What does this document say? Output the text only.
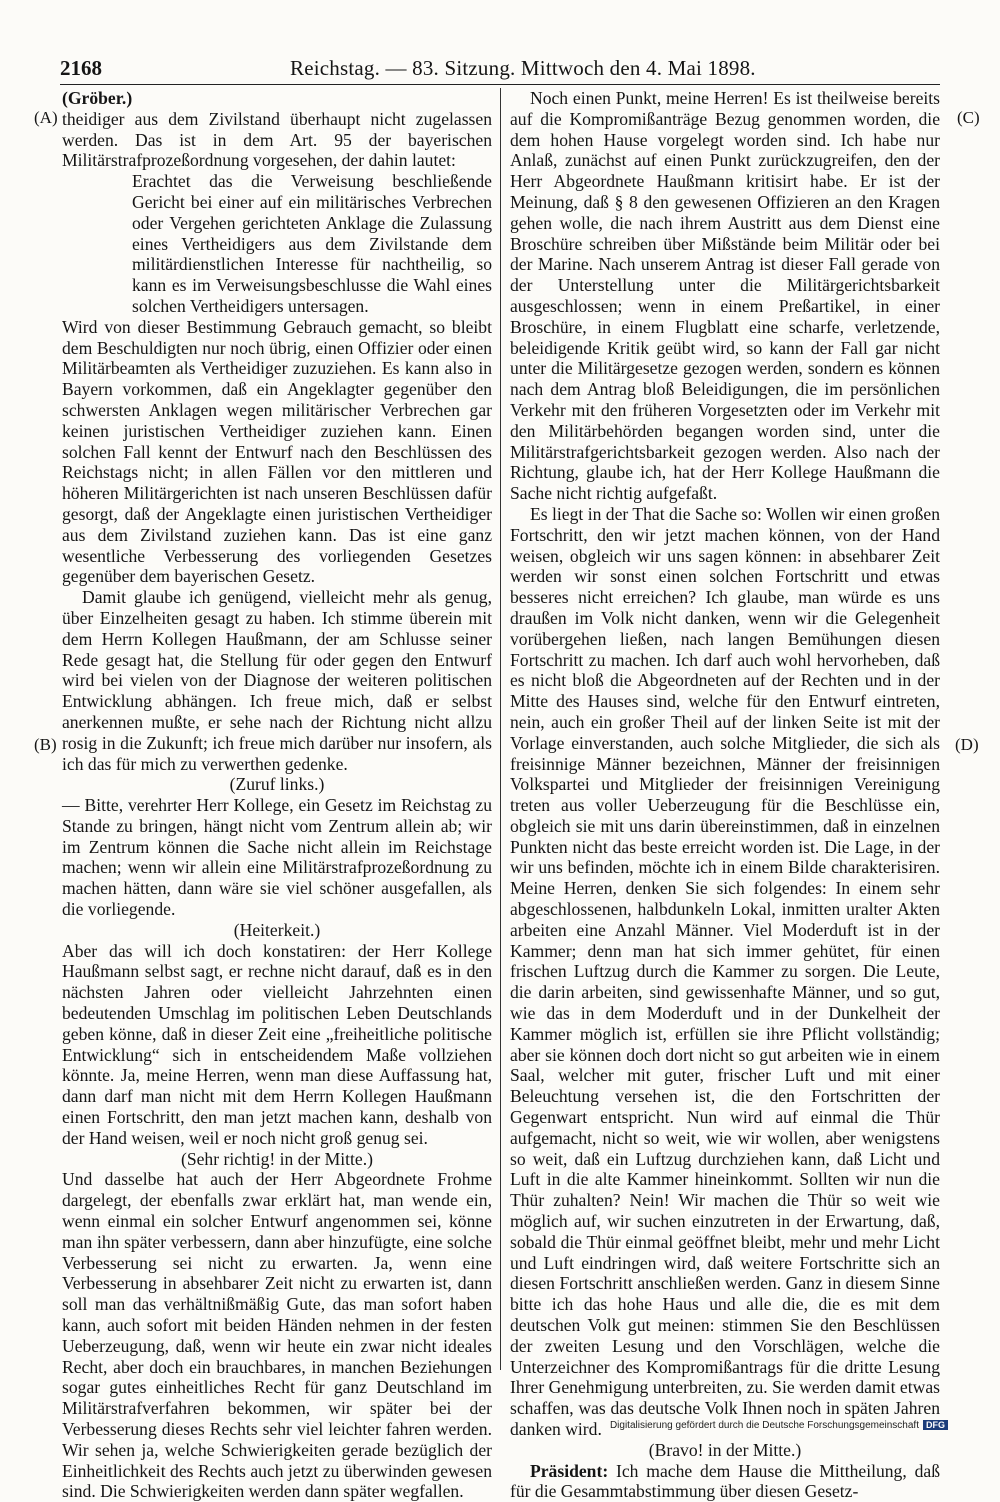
2168	Reichstag. — 83. Sitzung. Mittwoch den 4. Mai 1898.
(A)
(B)
(C)
(D)

(Gröber.)

theidiger aus dem Zivilstand überhaupt nicht zugelassen werden. Das ist in dem Art. 95 der bayerischen Militärstrafprozeßordnung vorgesehen, der dahin lautet:

Erachtet das die Verweisung beschließende Gericht bei einer auf ein militärisches Verbrechen oder Vergehen gerichteten Anklage die Zulassung eines Vertheidigers aus dem Zivilstande dem militärdienstlichen Interesse für nachtheilig, so kann es im Verweisungsbeschlusse die Wahl eines solchen Vertheidigers untersagen.

Wird von dieser Bestimmung Gebrauch gemacht, so bleibt dem Beschuldigten nur noch übrig, einen Offizier oder einen Militärbeamten als Vertheidiger zuzuziehen. Es kann also in Bayern vorkommen, daß ein Angeklagter gegenüber den schwersten Anklagen wegen militärischer Verbrechen gar keinen juristischen Vertheidiger zuziehen kann. Einen solchen Fall kennt der Entwurf nach den Beschlüssen des Reichstags nicht; in allen Fällen vor den mittleren und höheren Militärgerichten ist nach unseren Beschlüssen dafür gesorgt, daß der Angeklagte einen juristischen Vertheidiger aus dem Zivilstand zuziehen kann. Das ist eine ganz wesentliche Verbesserung des vorliegenden Gesetzes gegenüber dem bayerischen Gesetz.

Damit glaube ich genügend, vielleicht mehr als genug, über Einzelheiten gesagt zu haben. Ich stimme überein mit dem Herrn Kollegen Haußmann, der am Schlusse seiner Rede gesagt hat, die Stellung für oder gegen den Entwurf wird bei vielen von der Diagnose der weiteren politischen Entwicklung abhängen. Ich freue mich, daß er selbst anerkennen mußte, er sehe nach der Richtung nicht allzu rosig in die Zukunft; ich freue mich darüber nur insofern, als ich das für mich zu verwerthen gedenke.

(Zuruf links.)

— Bitte, verehrter Herr Kollege, ein Gesetz im Reichstag zu Stande zu bringen, hängt nicht vom Zentrum allein ab; wir im Zentrum können die Sache nicht allein im Reichstage machen; wenn wir allein eine Militärstrafprozeßordnung zu machen hätten, dann wäre sie viel schöner ausgefallen, als die vorliegende.

(Heiterkeit.)

Aber das will ich doch konstatiren: der Herr Kollege Haußmann selbst sagt, er rechne nicht darauf, daß es in den nächsten Jahren oder vielleicht Jahrzehnten einen bedeutenden Umschlag im politischen Leben Deutschlands geben könne, daß in dieser Zeit eine „freiheitliche politische Entwicklung“ sich in entscheidendem Maße vollziehen könnte. Ja, meine Herren, wenn man diese Auffassung hat, dann darf man nicht mit dem Herrn Kollegen Haußmann einen Fortschritt, den man jetzt machen kann, deshalb von der Hand weisen, weil er noch nicht groß genug sei.

(Sehr richtig! in der Mitte.)

Und dasselbe hat auch der Herr Abgeordnete Frohme dargelegt, der ebenfalls zwar erklärt hat, man wende ein, wenn einmal ein solcher Entwurf angenommen sei, könne man ihn später verbessern, dann aber hinzufügte, eine solche Verbesserung sei nicht zu erwarten. Ja, wenn eine Verbesserung in absehbarer Zeit nicht zu erwarten ist, dann soll man das verhältnißmäßig Gute, das man sofort haben kann, auch sofort mit beiden Händen nehmen in der festen Ueberzeugung, daß, wenn wir heute ein zwar nicht ideales Recht, aber doch ein brauchbares, in manchen Beziehungen sogar gutes einheitliches Recht für ganz Deutschland im Militärstrafverfahren bekommen, wir später bei der Verbesserung dieses Rechts sehr viel leichter fahren werden. Wir sehen ja, welche Schwierigkeiten gerade bezüglich der Einheitlichkeit des Rechts auch jetzt zu überwinden gewesen sind. Die Schwierigkeiten werden dann später wegfallen.

Noch einen Punkt, meine Herren! Es ist theilweise bereits auf die Kompromißanträge Bezug genommen worden, die dem hohen Hause vorgelegt worden sind. Ich habe nur Anlaß, zunächst auf einen Punkt zurückzugreifen, den der Herr Abgeordnete Haußmann kritisirt habe. Er ist der Meinung, daß § 8 den gewesenen Offizieren an den Kragen gehen wolle, die nach ihrem Austritt aus dem Dienst eine Broschüre schreiben über Mißstände beim Militär oder bei der Marine. Nach unserem Antrag ist dieser Fall gerade von der Unterstellung unter die Militärgerichtsbarkeit ausgeschlossen; wenn in einem Preßartikel, in einer Broschüre, in einem Flugblatt eine scharfe, verletzende, beleidigende Kritik geübt wird, so kann der Fall gar nicht unter die Militärgesetze gezogen werden, sondern es können nach dem Antrag bloß Beleidigungen, die im persönlichen Verkehr mit den früheren Vorgesetzten oder im Verkehr mit den Militärbehörden begangen worden sind, unter die Militärstrafgerichtsbarkeit gezogen werden. Also nach der Richtung, glaube ich, hat der Herr Kollege Haußmann die Sache nicht richtig aufgefaßt.

Es liegt in der That die Sache so: Wollen wir einen großen Fortschritt, den wir jetzt machen können, von der Hand weisen, obgleich wir uns sagen können: in absehbarer Zeit werden wir sonst einen solchen Fortschritt und etwas besseres nicht erreichen? Ich glaube, man würde es uns draußen im Volk nicht danken, wenn wir die Gelegenheit vorübergehen ließen, nach langen Bemühungen diesen Fortschritt zu machen. Ich darf auch wohl hervorheben, daß es nicht bloß die Abgeordneten auf der Rechten und in der Mitte des Hauses sind, welche für den Entwurf eintreten, nein, auch ein großer Theil auf der linken Seite ist mit der Vorlage einverstanden, auch solche Mitglieder, die sich als freisinnige Männer bezeichnen, Männer der freisinnigen Volkspartei und Mitglieder der freisinnigen Vereinigung treten aus voller Ueberzeugung für die Beschlüsse ein, obgleich sie mit uns darin übereinstimmen, daß in einzelnen Punkten nicht das beste erreicht worden ist. Die Lage, in der wir uns befinden, möchte ich in einem Bilde charakterisiren. Meine Herren, denken Sie sich folgendes: In einem sehr abgeschlossenen, halbdunkeln Lokal, inmitten uralter Akten arbeiten eine Anzahl Männer. Viel Moderduft ist in der Kammer; denn man hat sich immer gehütet, für einen frischen Luftzug durch die Kammer zu sorgen. Die Leute, die darin arbeiten, sind gewissenhafte Männer, und so gut, wie das in dem Moderduft und in der Dunkelheit der Kammer möglich ist, erfüllen sie ihre Pflicht vollständig; aber sie können doch dort nicht so gut arbeiten wie in einem Saal, welcher mit guter, frischer Luft und mit einer Beleuchtung versehen ist, die den Fortschritten der Gegenwart entspricht. Nun wird auf einmal die Thür aufgemacht, nicht so weit, wie wir wollen, aber wenigstens so weit, daß ein Luftzug durchziehen kann, daß Licht und Luft in die alte Kammer hineinkommt. Sollten wir nun die Thür zuhalten? Nein! Wir machen die Thür so weit wie möglich auf, wir suchen einzutreten in der Erwartung, daß, sobald die Thür einmal geöffnet bleibt, mehr und mehr Licht und Luft eindringen wird, daß weitere Fortschritte sich an diesen Fortschritt anschließen werden. Ganz in diesem Sinne bitte ich das hohe Haus und alle die, die es mit dem deutschen Volk gut meinen: stimmen Sie den Beschlüssen der zweiten Lesung und den Vorschlägen, welche die Unterzeichner des Kompromißantrags für die dritte Lesung Ihrer Genehmigung unterbreiten, zu. Sie werden damit etwas schaffen, was das deutsche Volk Ihnen noch in späten Jahren danken wird.

(Bravo! in der Mitte.)

Präsident: Ich mache dem Hause die Mittheilung, daß für die Gesammtabstimmung über diesen Gesetz-

Digitalisierung gefördert durch die Deutsche Forschungsgemeinschaft DFG
